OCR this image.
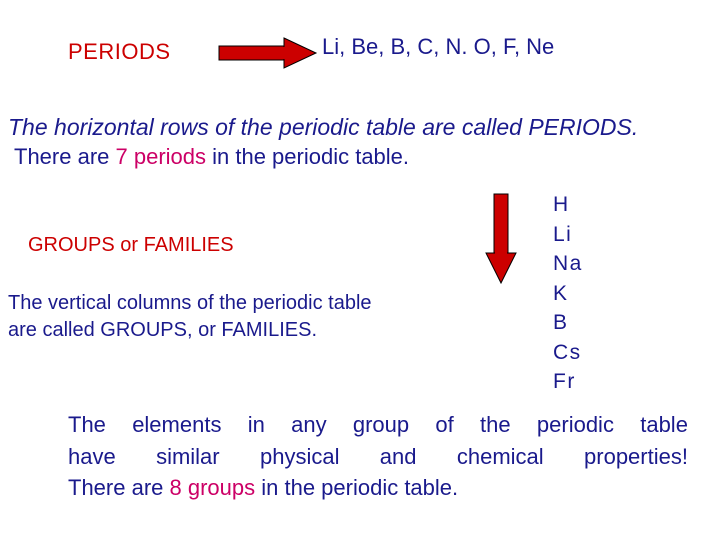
PERIODS	Li, Be, B, C, N. O, F, Ne
The horizontal rows of the periodic table are called PERIODS.
There are 7 periods in the periodic table.
GROUPS or FAMILIES
The vertical columns of the periodic table
are called GROUPS, or FAMILIES.
H
Li
Na
K
B
Cs
Fr
The elements in any group of the periodic table
have similar physical and chemical properties!
There are 8 groups in the periodic table.
